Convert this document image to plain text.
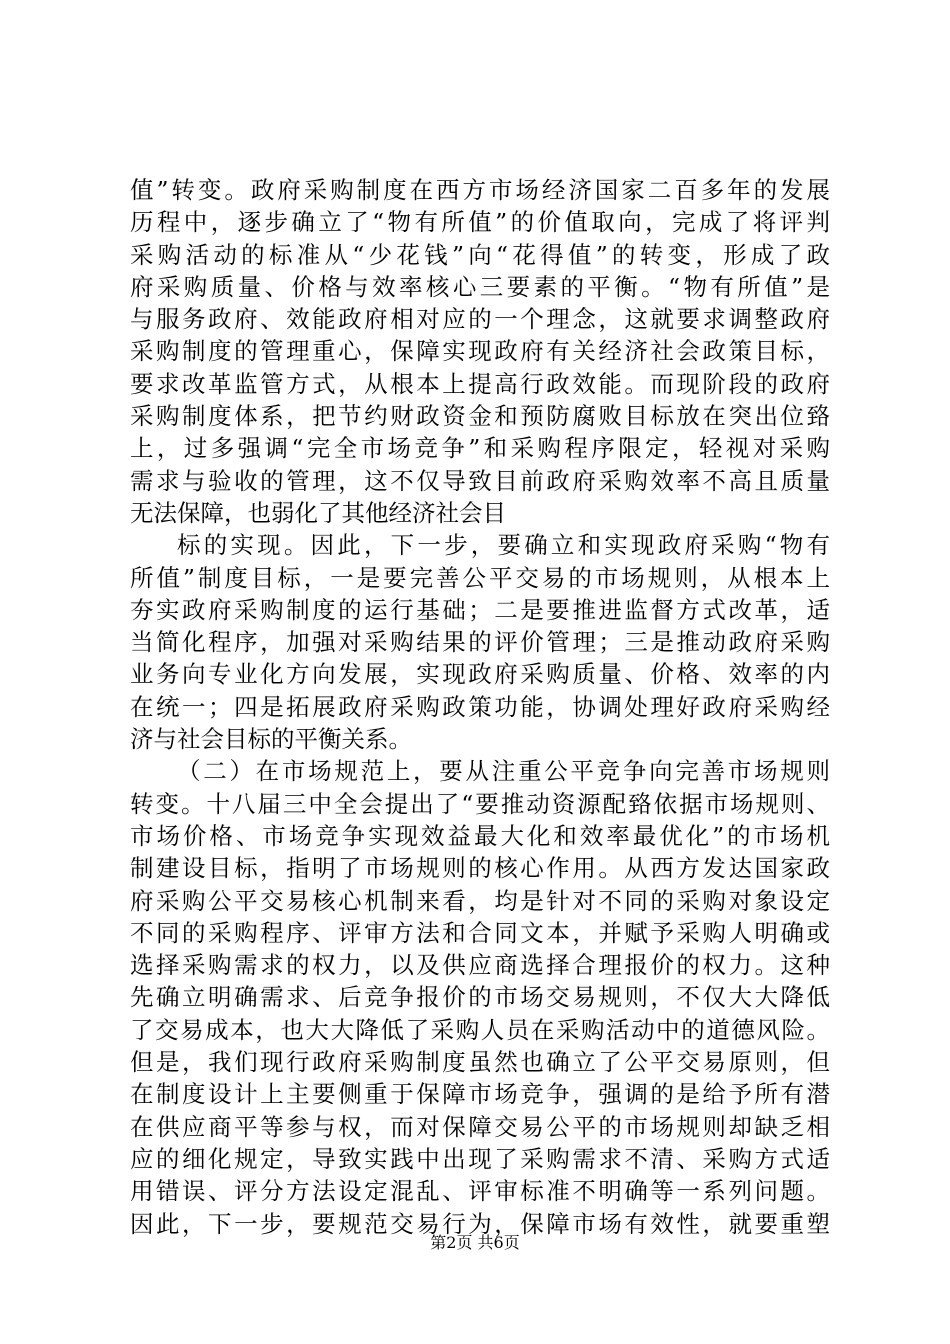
值”转变。政府采购制度在西方市场经济国家二百多年的发展
历程中，逐步确立了“物有所值”的价值取向，完成了将评判
采购活动的标准从“少花钱”向“花得值”的转变，形成了政
府采购质量、价格与效率核心三要素的平衡。“物有所值”是
与服务政府、效能政府相对应的一个理念，这就要求调整政府
采购制度的管理重心，保障实现政府有关经济社会政策目标，
要求改革监管方式，从根本上提高行政效能。而现阶段的政府
采购制度体系，把节约财政资金和预防腐败目标放在突出位臵
上，过多强调“完全市场竞争”和采购程序限定，轻视对采购
需求与验收的管理，这不仅导致目前政府采购效率不高且质量
无法保障，也弱化了其他经济社会目
标的实现。因此，下一步，要确立和实现政府采购“物有
所值”制度目标，一是要完善公平交易的市场规则，从根本上
夯实政府采购制度的运行基础；二是要推进监督方式改革，适
当简化程序，加强对采购结果的评价管理；三是推动政府采购
业务向专业化方向发展，实现政府采购质量、价格、效率的内
在统一；四是拓展政府采购政策功能，协调处理好政府采购经
济与社会目标的平衡关系。
（二）在市场规范上，要从注重公平竞争向完善市场规则
转变。十八届三中全会提出了“要推动资源配臵依据市场规则、
市场价格、市场竞争实现效益最大化和效率最优化”的市场机
制建设目标，指明了市场规则的核心作用。从西方发达国家政
府采购公平交易核心机制来看，均是针对不同的采购对象设定
不同的采购程序、评审方法和合同文本，并赋予采购人明确或
选择采购需求的权力，以及供应商选择合理报价的权力。这种
先确立明确需求、后竞争报价的市场交易规则，不仅大大降低
了交易成本，也大大降低了采购人员在采购活动中的道德风险。
但是，我们现行政府采购制度虽然也确立了公平交易原则，但
在制度设计上主要侧重于保障市场竞争，强调的是给予所有潜
在供应商平等参与权，而对保障交易公平的市场规则却缺乏相
应的细化规定，导致实践中出现了采购需求不清、采购方式适
用错误、评分方法设定混乱、评审标准不明确等一系列问题。
因此，下一步，要规范交易行为，保障市场有效性，就要重塑
第2页 共6页
